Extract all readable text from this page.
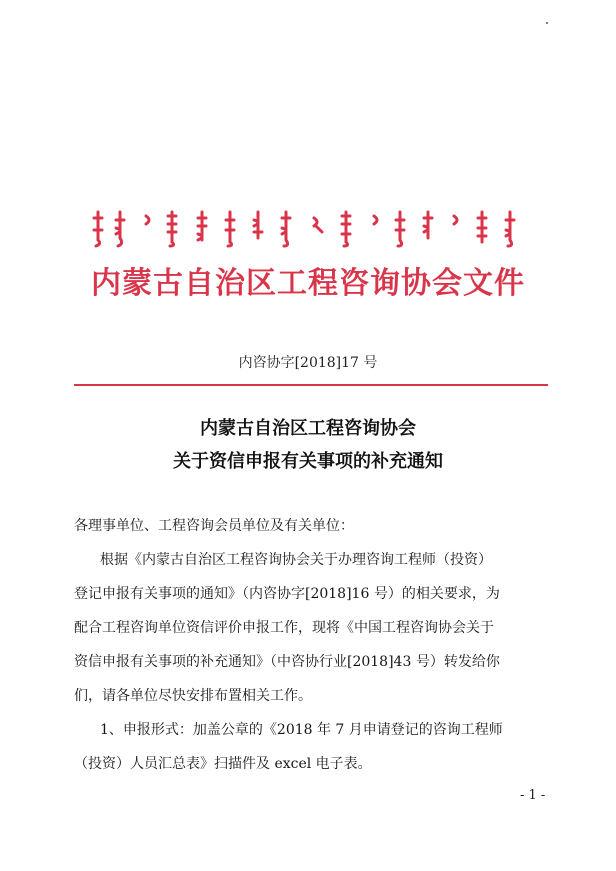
内蒙古自治区工程咨询协会文件
内咨协字[2018]17 号
内蒙古自治区工程咨询协会
关于资信申报有关事项的补充通知
各理事单位、工程咨询会员单位及有关单位：
根据《内蒙古自治区工程咨询协会关于办理咨询工程师（投资）
登记申报有关事项的通知》（内咨协字[2018]16 号）的相关要求，为
配合工程咨询单位资信评价申报工作，现将《中国工程咨询协会关于
资信申报有关事项的补充通知》（中咨协行业[2018]43 号）转发给你
们，请各单位尽快安排布置相关工作。
1、申报形式：加盖公章的《2018 年 7 月申请登记的咨询工程师
（投资）人员汇总表》扫描件及 excel 电子表。
- 1 -
